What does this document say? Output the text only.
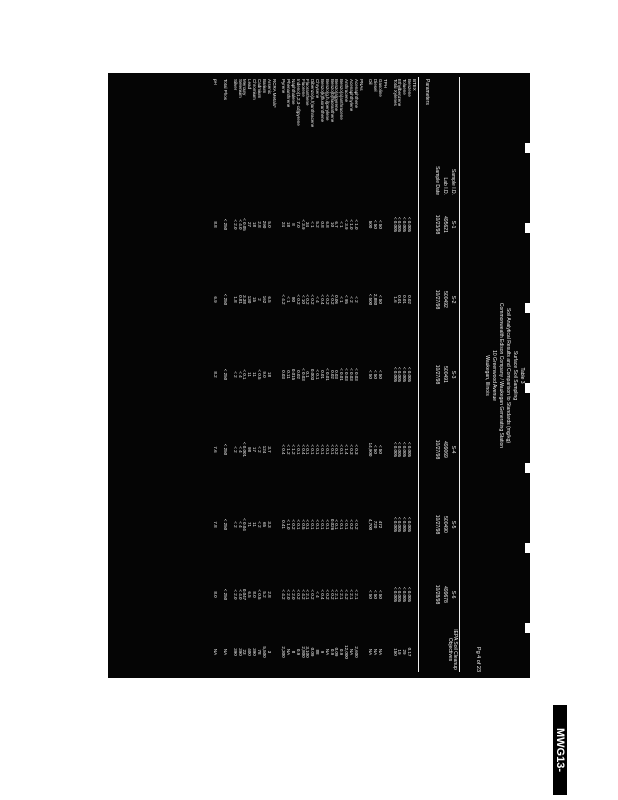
Table 3
Surface Soil Sampling
Soil Analytical Results and Comparison to Standards (mg/kg)
Commonwealth Edison Company / Waukegan Generating Station
10 Greenwood Avenue
Waukegan, Illinois
Pg 4 of 23
Sample I.D.
Lab I.D.
Sample Date
IEPA Soil Cleanup Objectives
Parameters
S-1
495621
10/23/98
S-2
500492
10/27/98
S-3
500491
10/27/98
S-4
499069
10/27/98
S-5
500490
10/27/98
S-6
499678
10/28/98
BTEX
Benzene
< 0.005
0.02
< 0.005
< 0.005
< 0.005
< 0.005
0.17
Toluene
< 0.005
0.01
< 0.005
< 0.005
< 0.005
< 0.005
29
Ethylbenzene
< 0.005
0.01
< 0.005
< 0.005
< 0.005
< 0.005
19
Total Xylenes
< 0.005
1.6
< 0.005
< 0.005
< 0.005
< 0.005
150
TPH
Gasoline
< 50
< 50
< 50
< 50
472
< 50
NA
Diesel
< 50
2,880
< 50
< 50
720
< 50
NA
Oil
500
< 500
< 50
14,900
4,700
< 50
NA
PNAs
Acenaphthene
< 1.0
< 2
< 0.03
< 0.3
< 0.2
< 2.1
2,600
Acenaphthylene
< 1.0
< 2
< 0.03
< 0.3
< 0.2
< 2.1
NA
Anthracene
< 3.9
< 95
< 0.03
< 1.4
< 0.1
< 4.2
12,000
Benzo(a)anthracene
< 1
< 1
< 0.01
< 0.1
< 0.1
< 2.1
0.9
Benzo(a)pyrene
6.7
0.06
0.03
< 0.2
< 0.1
< 2.1
0.09
Benzo(b)fluoranthene
10
< 0.2
0.02
< 0.1
0.026
< 0.2
0.9
Benzo(g,h,i)perylene
6.8
< 0.2
< 0.01
< 0.1
< 0.1
< 0.2
NA
Benzo(k)fluoranthene
0.8
< 0.4
0.01
< 0.1
< 0.1
< 0.4
9
Chrysene
5.2
< 4
< 0.1
< 0.1
< 0.1
< 4
88
Dibenzo(a,h)anthracene
< 1
< 0.2
0.003
< 0.1
< 0.1
< 0.2
0.09
Fluoranthene
34
< 0.2
0.1
< 0.1
< 0.1
< 2.1
3,100
Fluorene
< 3.9
< 10
< 0.03
< 0.4
< 0.5
< 4.2
2,800
Indeno(1,2,3-cd)pyrene
7.0
< 0.2
0.02
< 0.1
< 0.1
< 0.2
0.9
Naphthalene
8
80
0.015
< 1.2
< 0.2
< 2.0
8
Phenanthrene
18
< 1
0.11
< 1.2
< 1.0
< 2.0
NA
Pyrene
24
< 4.2
0.03
< 0.4
0.41
< 4.2
2,300
RCRA Metals*
Arsenic
5.0
6.5
18
3.7
3.3
2.8
3
Barium
290
162
9.0
124
65
5.2
5,500
Cadmium
2.8
2
< 0.5
< 2
< 2
< 0.5
78
Chromium
18
15
11
17
11
8.0
390
Lead
27
130
11
98
71
6.5
400
Mercury
< 0.05
3.38
< 0.1
< 0.001
< 0.04
0.047
23
Selenium
< 4.0
0.81
< 4
< 4
< 4
< 4.0
390
Silver
< 2.0
1.8
< 2
< 2
< 2
< 2.0
390
Total Phos
< 250
< 250
< 250
< 250
< 250
< 250
NA
pH
8.8
6.9
8.2
7.6
7.8
8.0
NA
MWG13-15_45606
